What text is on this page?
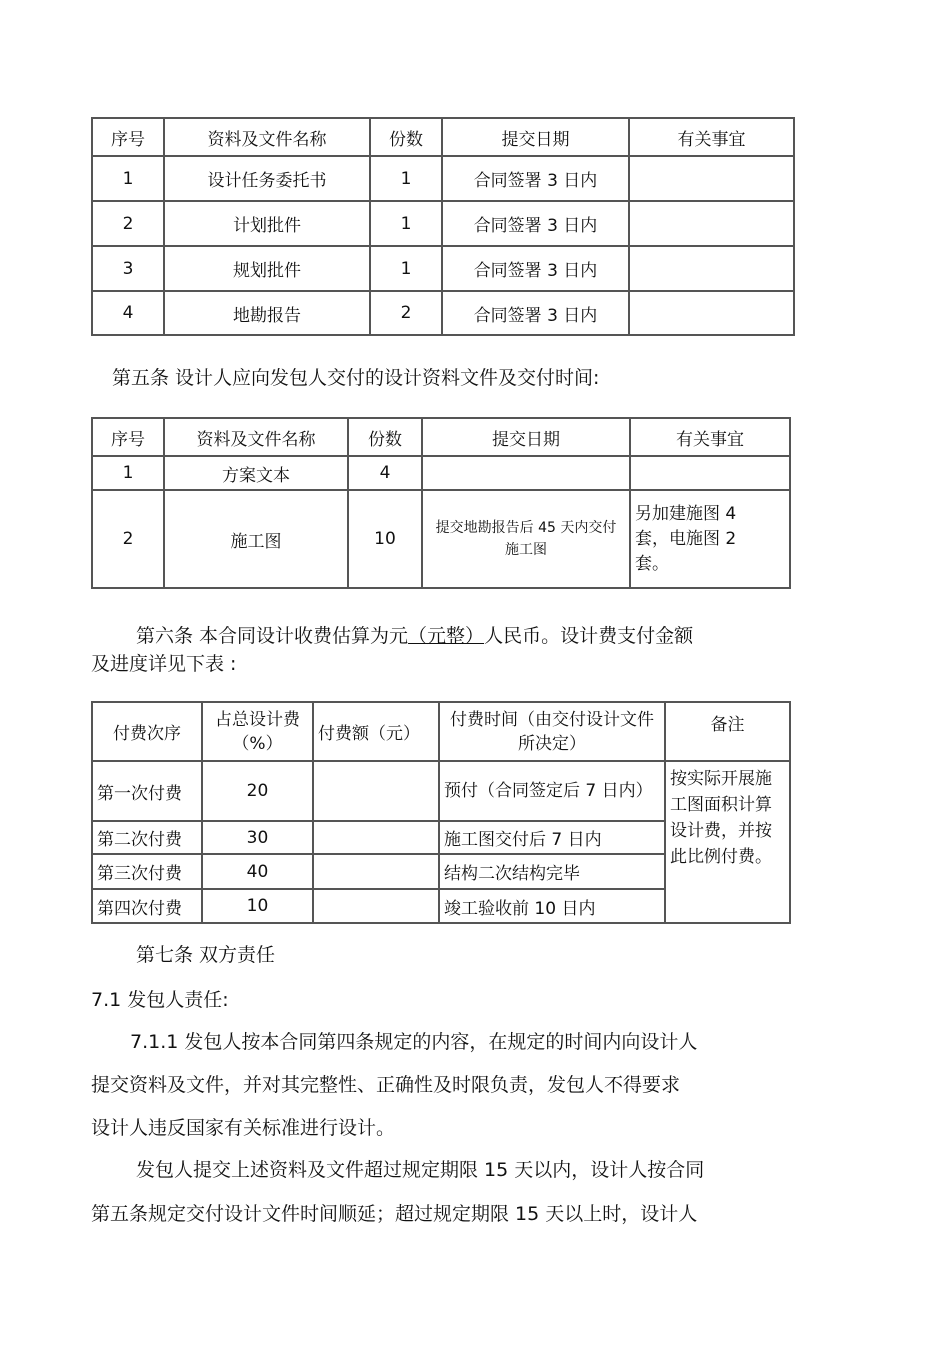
序号	资料及文件名称	份数	提交日期	有关事宜
1	设计任务委托书	1	合同签署 3 日内	
2	计划批件	1	合同签署 3 日内	
3	规划批件	1	合同签署 3 日内	
4	地勘报告	2	合同签署 3 日内	
第五条 设计人应向发包人交付的设计资料文件及交付时间:
序号	资料及文件名称	份数	提交日期	有关事宜
1	方案文本	4		
2	施工图	10	提交地勘报告后 45 天内交付施工图	另加建施图 4 套，电施图 2 套。
第六条 本合同设计收费估算为元（元整）人民币。设计费支付金额
及进度详见下表 :
付费次序	占总设计费（%）	付费额（元）	付费时间（由交付设计文件所决定）	备注
第一次付费	20		预付（合同签定后 7 日内）	按实际开展施工图面积计算设计费，并按此比例付费。
第二次付费	30		施工图交付后 7 日内	
第三次付费	40		结构二次结构完毕	
第四次付费	10		竣工验收前 10 日内	
第七条 双方责任
7.1 发包人责任:
7.1.1 发包人按本合同第四条规定的内容，在规定的时间内向设计人
提交资料及文件，并对其完整性、正确性及时限负责，发包人不得要求
设计人违反国家有关标准进行设计。
发包人提交上述资料及文件超过规定期限 15 天以内，设计人按合同
第五条规定交付设计文件时间顺延；超过规定期限 15 天以上时，设计人
